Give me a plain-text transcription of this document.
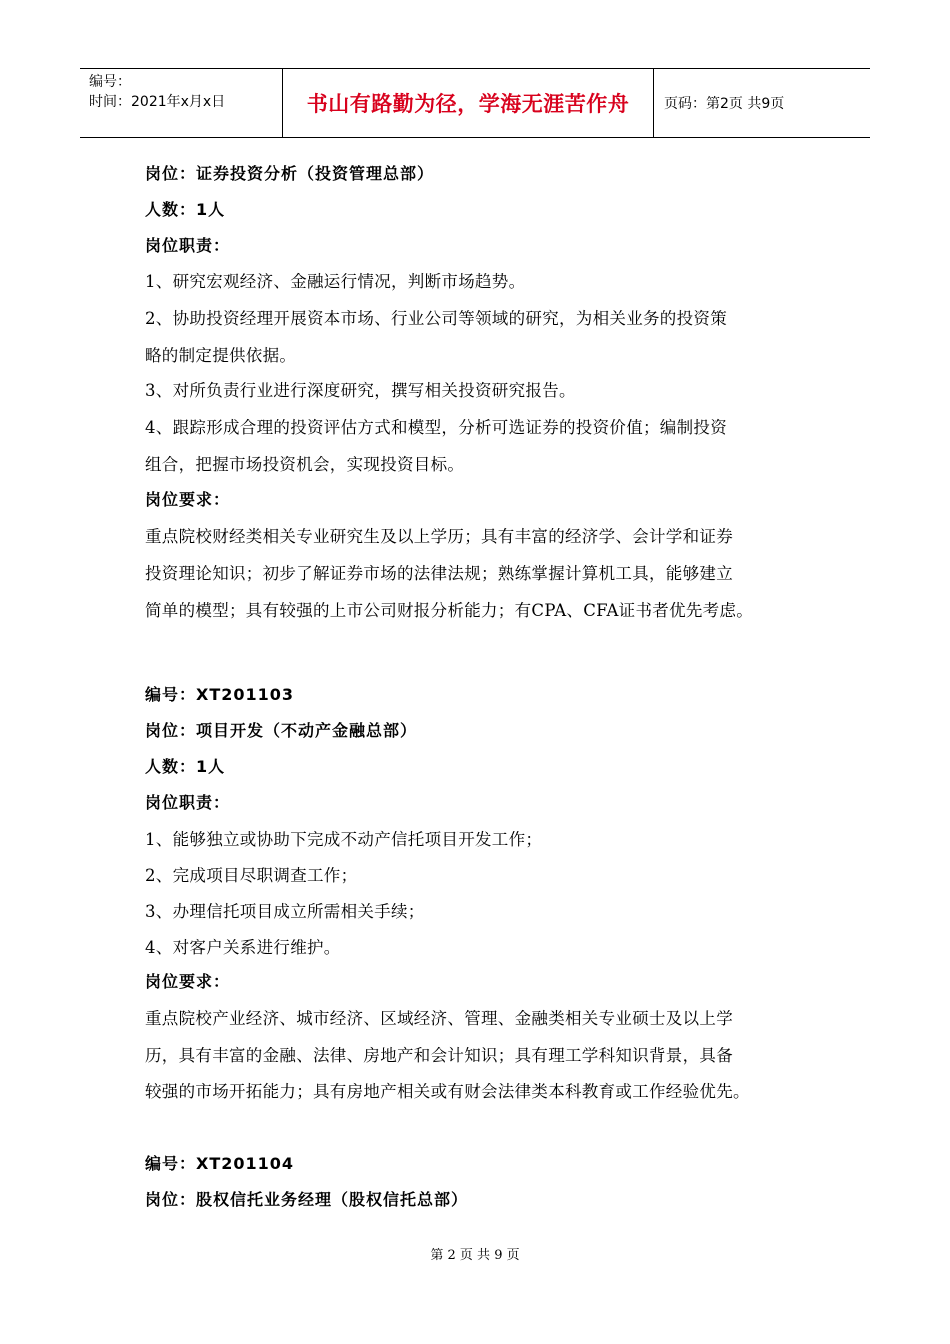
编号：
时间：2021年x月x日	书山有路勤为径，学海无涯苦作舟 页码：第2页 共9页
岗位：证券投资分析（投资管理总部）
人数：1人
岗位职责：
1、研究宏观经济、金融运行情况，判断市场趋势。
2、协助投资经理开展资本市场、行业公司等领域的研究，为相关业务的投资策
略的制定提供依据。
3、对所负责行业进行深度研究，撰写相关投资研究报告。
4、跟踪形成合理的投资评估方式和模型，分析可选证券的投资价值；编制投资
组合，把握市场投资机会，实现投资目标。
岗位要求：
重点院校财经类相关专业研究生及以上学历；具有丰富的经济学、会计学和证券
投资理论知识；初步了解证券市场的法律法规；熟练掌握计算机工具，能够建立
简单的模型；具有较强的上市公司财报分析能力；有CPA、CFA证书者优先考虑。
编号：XT201103
岗位：项目开发（不动产金融总部）
人数：1人
岗位职责：
1、能够独立或协助下完成不动产信托项目开发工作；
2、完成项目尽职调查工作；
3、办理信托项目成立所需相关手续；
4、对客户关系进行维护。
岗位要求：
重点院校产业经济、城市经济、区域经济、管理、金融类相关专业硕士及以上学
历，具有丰富的金融、法律、房地产和会计知识；具有理工学科知识背景，具备
较强的市场开拓能力；具有房地产相关或有财会法律类本科教育或工作经验优先。
编号：XT201104
岗位：股权信托业务经理（股权信托总部）
第 2 页 共 9 页
